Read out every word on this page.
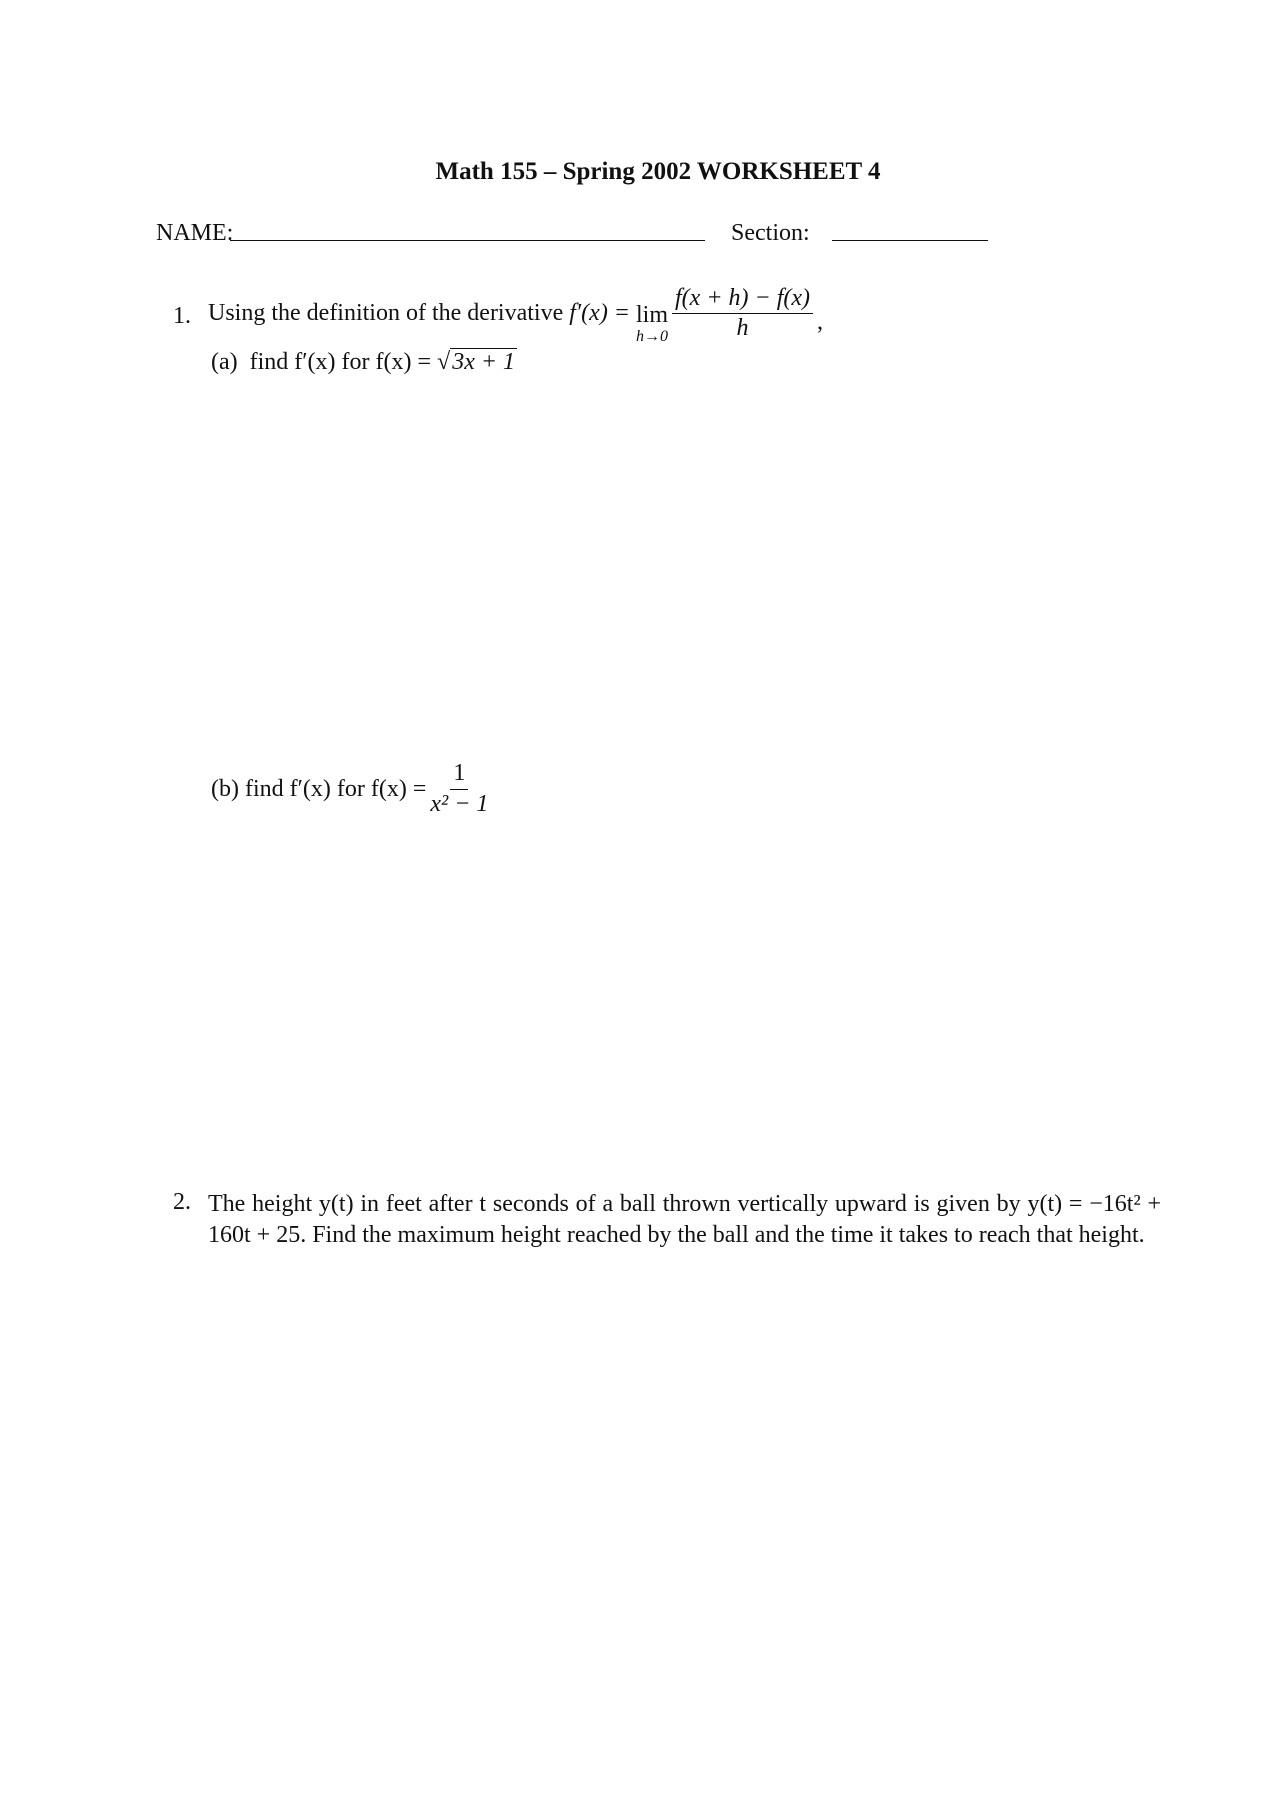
Math 155 – Spring 2002 WORKSHEET 4
NAME:	Section:
1. Using the definition of the derivative
f′(x) =
lim
$h\to 0 \frac{f(x + h) - f(x)}{h}$ ,
(a) find f′(x) for f(x) = √3x + 1
(b)
find f′(x) for $f(x) = \frac{1}{\text{x² − 1}}$
2. The height y(t) in feet after t seconds of a ball thrown vertically upward is given by y(t) = −16t² + 160t + 25. Find the maximum height reached by the ball and the time it takes to reach that height.
